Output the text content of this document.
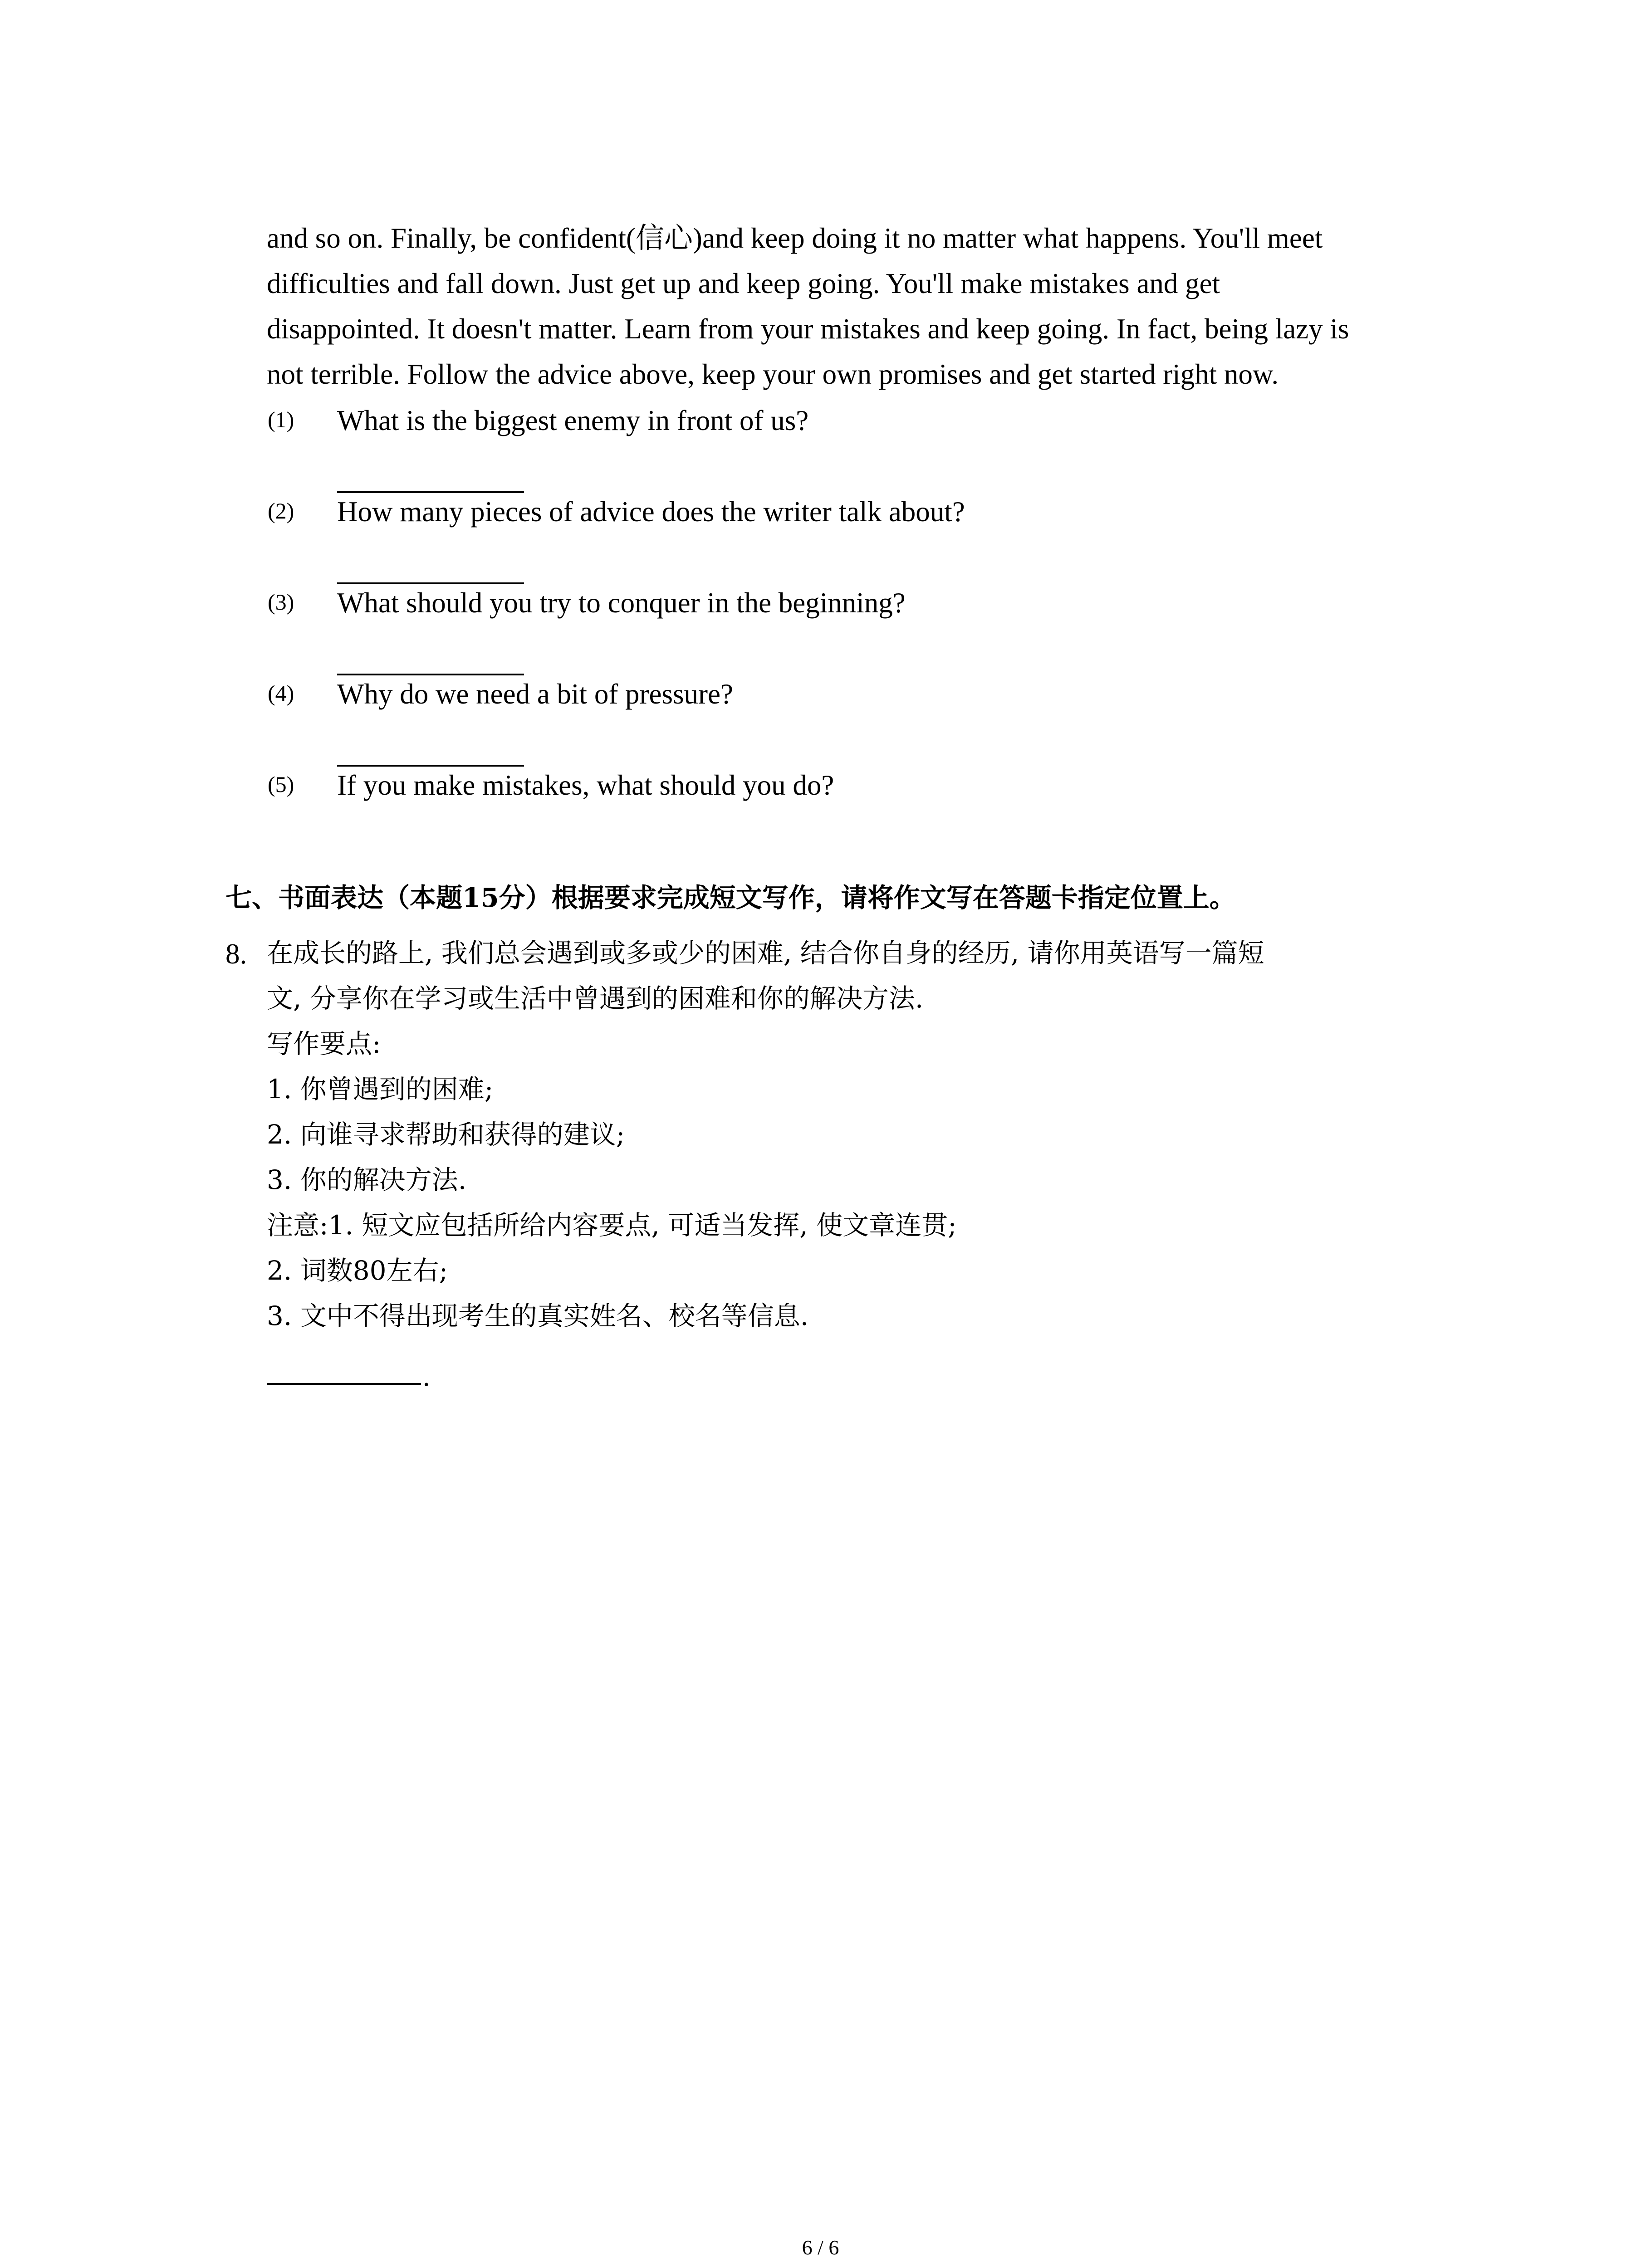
and so on. Finally, be confident(信心)and keep doing it no matter what happens. You'll meet
difficulties and fall down. Just get up and keep going. You'll make mistakes and get
disappointed. It doesn't matter. Learn from your mistakes and keep going. In fact, being lazy is
not terrible. Follow the advice above, keep your own promises and get started right now.
(1) What is the biggest enemy in front of us?
(2) How many pieces of advice does the writer talk about?
(3) What should you try to conquer in the beginning?
(4) Why do we need a bit of pressure?
(5) If you make mistakes, what should you do?
七、书面表达（本题15分）根据要求完成短文写作，请将作文写在答题卡指定位置上。
8. 在成长的路上, 我们总会遇到或多或少的困难, 结合你自身的经历, 请你用英语写一篇短
文, 分享你在学习或生活中曾遇到的困难和你的解决方法.
写作要点:
1. 你曾遇到的困难;
2. 向谁寻求帮助和获得的建议;
3. 你的解决方法.
注意:1. 短文应包括所给内容要点, 可适当发挥, 使文章连贯;
2. 词数80左右;
3. 文中不得出现考生的真实姓名、校名等信息.
.
6 / 6
